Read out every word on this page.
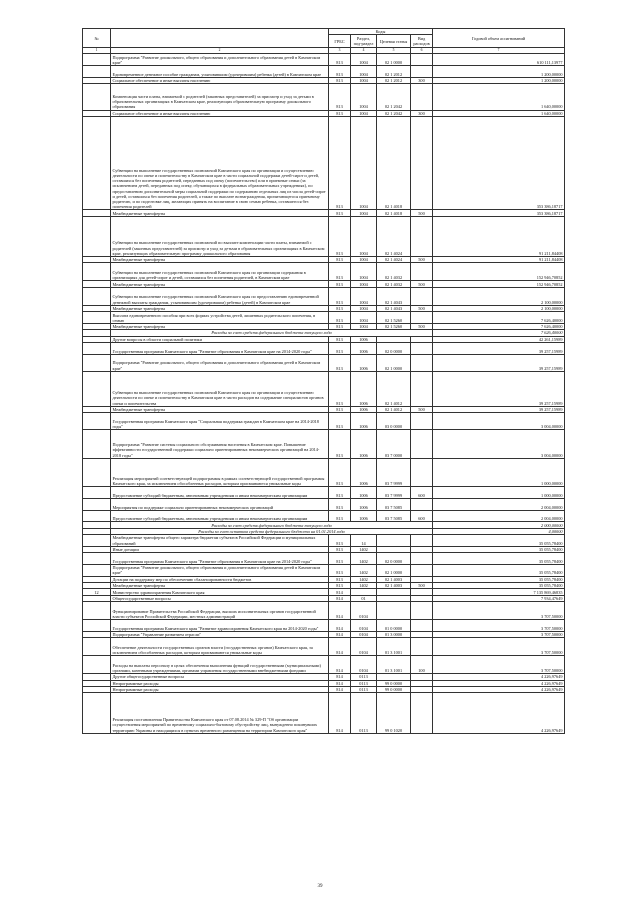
№		Коды				Годовой объем ассигнований
		ГРБС	Раздел, под-раздел	Целевая статья	Вид расходов	
1	2	3	4	5	6	7
	Подпрограмма "Развитие дошкольного, общего образования и дополнительного образования детей в Камчатском крае"	813	1004	02 1 0000		610 111,13977
	Единовременное денежное пособие гражданам, усыновившим (удочерившим) ребенка (детей) в Камчатском крае	813	1004	02 1 2012		1 200,00000
	Социальное обеспечение и иные выплаты населению	813	1004	02 1 2012	300	1 200,00000
	Компенсация части платы, взимаемой с родителей (законных представителей) за присмотр и уход за детьми в образовательных организациях в Камчатском крае, реализующих образовательную программу дошкольного образования	813	1004	02 1 2042		1 640,00000
	Социальное обеспечение и иные выплаты населению	813	1004	02 1 2042	300	1 640,00000
	Субвенции на выполнение государственных полномочий Камчатского края по организации и осуществлению деятельности по опеке и попечительству в Камчатском крае в части социальной поддержки детей-сирот и детей, оставшихся без попечения родителей, переданных под опеку (попечительство) или в приемные семьи (за исключением детей, переданных под опеку, обучающихся в федеральных образовательных учреждениях), по предоставлению дополнительной меры социальной поддержки по содержанию отдельных лиц из числа детей-сирот и детей, оставшихся без попечения родителей, а также по выплате вознаграждения, причитающегося приемному родителю, и по подготовке лиц, желающих принять на воспитание в свою семью ребенка, оставшегося без попечения родителей	813	1004	02 1 4018		353 386,18717
	Межбюджетные трансферты	813	1004	02 1 4018	500	353 386,18717
	Субвенции на выполнение государственных полномочий по выплате компенсации части платы, взимаемой с родителей (законных представителей) за присмотр и уход за детьми в образовательных организациях в Камчатском крае, реализующих образовательную программу дошкольного образования	813	1004	02 1 4024		91 211,84408
	Межбюджетные трансферты	813	1004	02 1 4024	500	91 211,84408
	Субвенции на выполнение государственных полномочий Камчатского края по организации содержания в организациях для детей-сирот и детей, оставшихся без попечения родителей, в Камчатском крае	813	1004	02 1 4032		152 946,70852
	Межбюджетные трансферты	813	1004	02 1 4032	500	152 946,70852
	Субвенции на выполнение государственных полномочий Камчатского края по предоставлению единовременной денежной выплаты гражданам, усыновившим (удочерившим) ребенка (детей) в Камчатском крае	813	1004	02 1 4043		2 100,00000
	Межбюджетные трансферты	813	1004	02 1 4043	500	2 100,00000
	Выплата единовременного пособия при всех формах устройства детей, лишенных родительского попечения, в семью	813	1004	02 1 5260		7 626,40000
	Межбюджетные трансферты	813	1004	02 1 5260	500	7 626,40000
	Расходы за счет средств федерального бюджета текущего года					7 626,40000
	Другие вопросы в области социальной политики	813	1006			42 261,15989
	Государственная программа Камчатского края "Развитие образования в Камчатском крае на 2014-2020 годы"	813	1006	02 0 0000		39 257,15989
	Подпрограмма "Развитие дошкольного, общего образования и дополнительного образования детей в Камчатском крае"	813	1006	02 1 0000		39 257,15989
	Субвенции на выполнение государственных полномочий Камчатского края по организации и осуществлению деятельности по опеке и попечительству в Камчатском крае в части расходов на содержание специалистов органов опеки и попечительства	813	1006	02 1 4012		39 257,15989
	Межбюджетные трансферты	813	1006	02 1 4012	500	39 257,15989
	Государственная программа Камчатского края "Социальная поддержка граждан в Камчатском крае на 2014-2018 годы"	813	1006	03 0 0000		3 004,00000
	Подпрограмма "Развитие системы социального обслуживания населения в Камчатском крае. Повышение эффективности государственной поддержки социально ориентированных некоммерческих организаций на 2014-2018 годы"	813	1006	03 7 0000		3 004,00000
	Реализация мероприятий соответствующей подпрограммы в рамках соответствующей государственной программы Камчатского края, за исключением обособленных расходов, которым присваиваются уникальные коды	813	1006	03 7 9999		1 000,00000
	Предоставление субсидий бюджетным, автономным учреждениям и иным некоммерческим организациям	813	1006	03 7 9999	600	1 000,00000
	Мероприятия по поддержке социально ориентированных некоммерческих организаций	813	1006	03 7 5085		2 004,00000
	Предоставление субсидий бюджетным, автономным учреждениям и иным некоммерческим организациям	813	1006	03 7 5085	600	2 004,00000
	Расходы за счет средств федерального бюджета текущего года					2 000,00000
	Расходы за счет остатков средств федерального бюджета на 01.01.2014 года					4,00000
	Межбюджетные трансферты общего характера бюджетам субъектов Российской Федерации и муниципальных образований	813	14			35 055,78400
	Иные дотации	813	1402			35 055,78400
	Государственная программа Камчатского края "Развитие образования в Камчатском крае на 2014-2020 годы"	813	1402	02 0 0000		35 055,78400
	Подпрограмма "Развитие дошкольного, общего образования и дополнительного образования детей в Камчатском крае"	813	1402	02 1 0000		35 055,78400
	Дотации на поддержку мер по обеспечению сбалансированности бюджетов	813	1402	02 1 4003		35 055,78400
	Межбюджетные трансферты	813	1402	02 1 4003	500	35 055,78400
12	Министерство здравоохранения Камчатского края	814				7 135 869,46835
	Общегосударственные вопросы	814	01			7 934,47649
	Функционирование Правительства Российской Федерации, высших исполнительных органов государственной власти субъектов Российской Федерации, местных администраций	814	0104			3 707,50000
	Государственная программа Камчатского края "Развитие здравоохранения Камчатского края на 2014-2020 годы"	814	0104	01 0 0000		3 707,50000
	Подпрограмма "Управление развитием отрасли"	814	0104	01 3 0000		3 707,50000
	Обеспечение деятельности государственных органов власти (государственных органов) Камчатского края, за исключением обособленных расходов, которым присваиваются уникальные коды	814	0104	01 3 1001		3 707,50000
	Расходы на выплаты персоналу в целях обеспечения выполнения функций государственными (муниципальными) органами, казенными учреждениями, органами управления государственными внебюджетными фондами	814	0104	01 3 1001	100	3 707,50000
	Другие общегосударственные вопросы	814	0113			4 226,97649
	Непрограммные расходы	814	0113	99 0 0000		4 226,97649
	Непрограммные расходы	814	0113	99 0 0000		4 226,97649
	Реализация постановления Правительства Камчатского края от 07.08.2014 № 329-П "Об организации осуществления мероприятий по временному социально-бытовому обустройству лиц, вынужденно покинувших территорию Украины и находящихся в пунктах временного размещения на территории Камчатского края"	814	0113	99 0 1020		4 226,97649
39
